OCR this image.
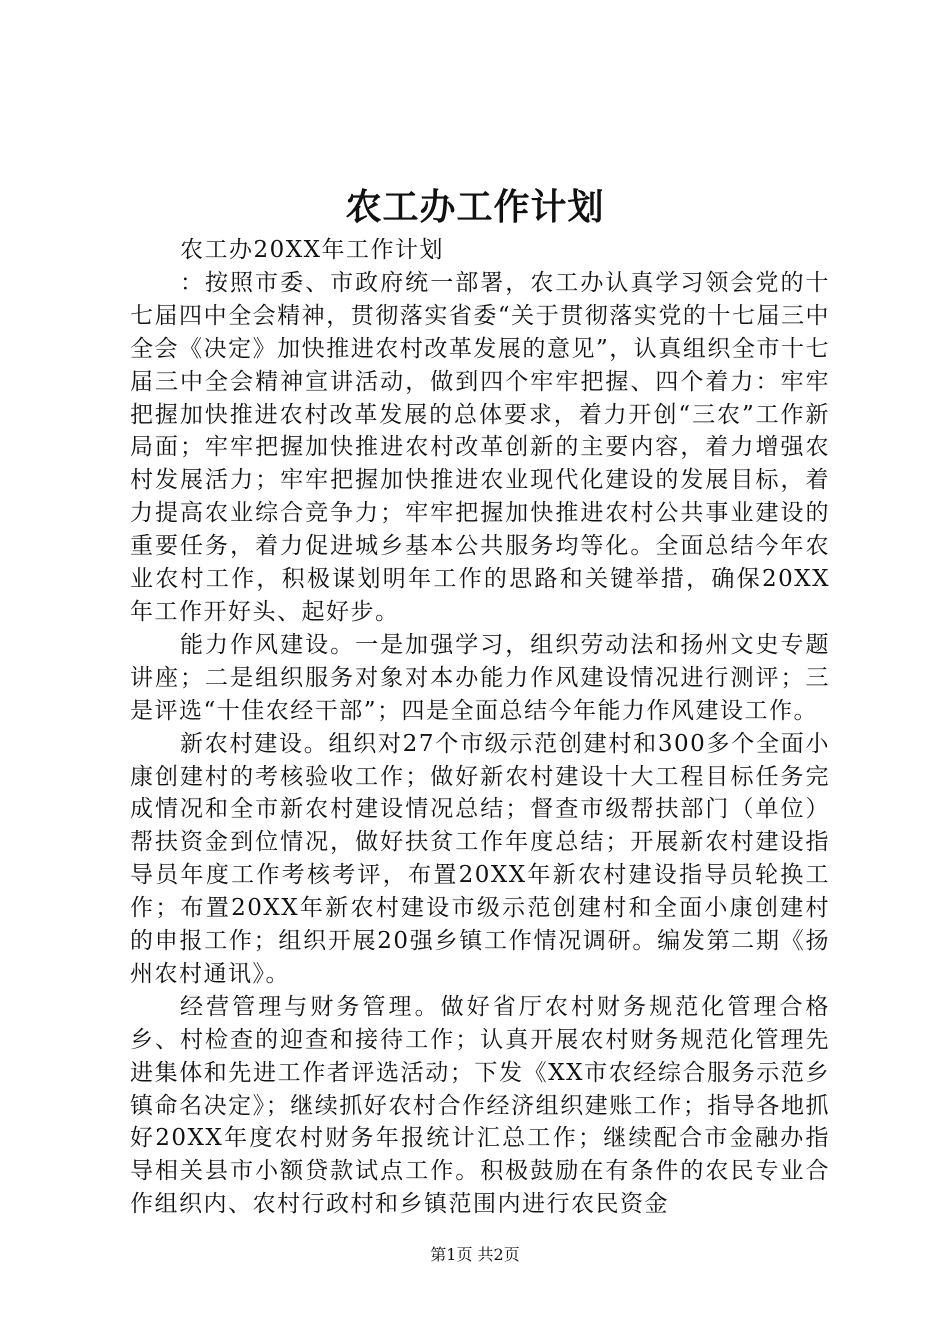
农工办工作计划

农工办20XX年工作计划

：按照市委、市政府统一部署，农工办认真学习领会党的十七届四中全会精神，贯彻落实省委“关于贯彻落实党的十七届三中全会《决定》加快推进农村改革发展的意见”，认真组织全市十七届三中全会精神宣讲活动，做到四个牢牢把握、四个着力：牢牢把握加快推进农村改革发展的总体要求，着力开创“三农”工作新局面；牢牢把握加快推进农村改革创新的主要内容，着力增强农村发展活力；牢牢把握加快推进农业现代化建设的发展目标，着力提高农业综合竞争力；牢牢把握加快推进农村公共事业建设的重要任务，着力促进城乡基本公共服务均等化。全面总结今年农业农村工作，积极谋划明年工作的思路和关键举措，确保20XX年工作开好头、起好步。

能力作风建设。一是加强学习，组织劳动法和扬州文史专题讲座；二是组织服务对象对本办能力作风建设情况进行测评；三是评选“十佳农经干部”；四是全面总结今年能力作风建设工作。

新农村建设。组织对27个市级示范创建村和300多个全面小康创建村的考核验收工作；做好新农村建设十大工程目标任务完成情况和全市新农村建设情况总结；督查市级帮扶部门（单位）帮扶资金到位情况，做好扶贫工作年度总结；开展新农村建设指导员年度工作考核考评，布置20XX年新农村建设指导员轮换工作；布置20XX年新农村建设市级示范创建村和全面小康创建村的申报工作；组织开展20强乡镇工作情况调研。编发第二期《扬州农村通讯》。

经营管理与财务管理。做好省厅农村财务规范化管理合格乡、村检查的迎查和接待工作；认真开展农村财务规范化管理先进集体和先进工作者评选活动；下发《XX市农经综合服务示范乡镇命名决定》；继续抓好农村合作经济组织建账工作；指导各地抓好20XX年度农村财务年报统计汇总工作；继续配合市金融办指导相关县市小额贷款试点工作。积极鼓励在有条件的农民专业合作组织内、农村行政村和乡镇范围内进行农民资金

第1页 共2页
